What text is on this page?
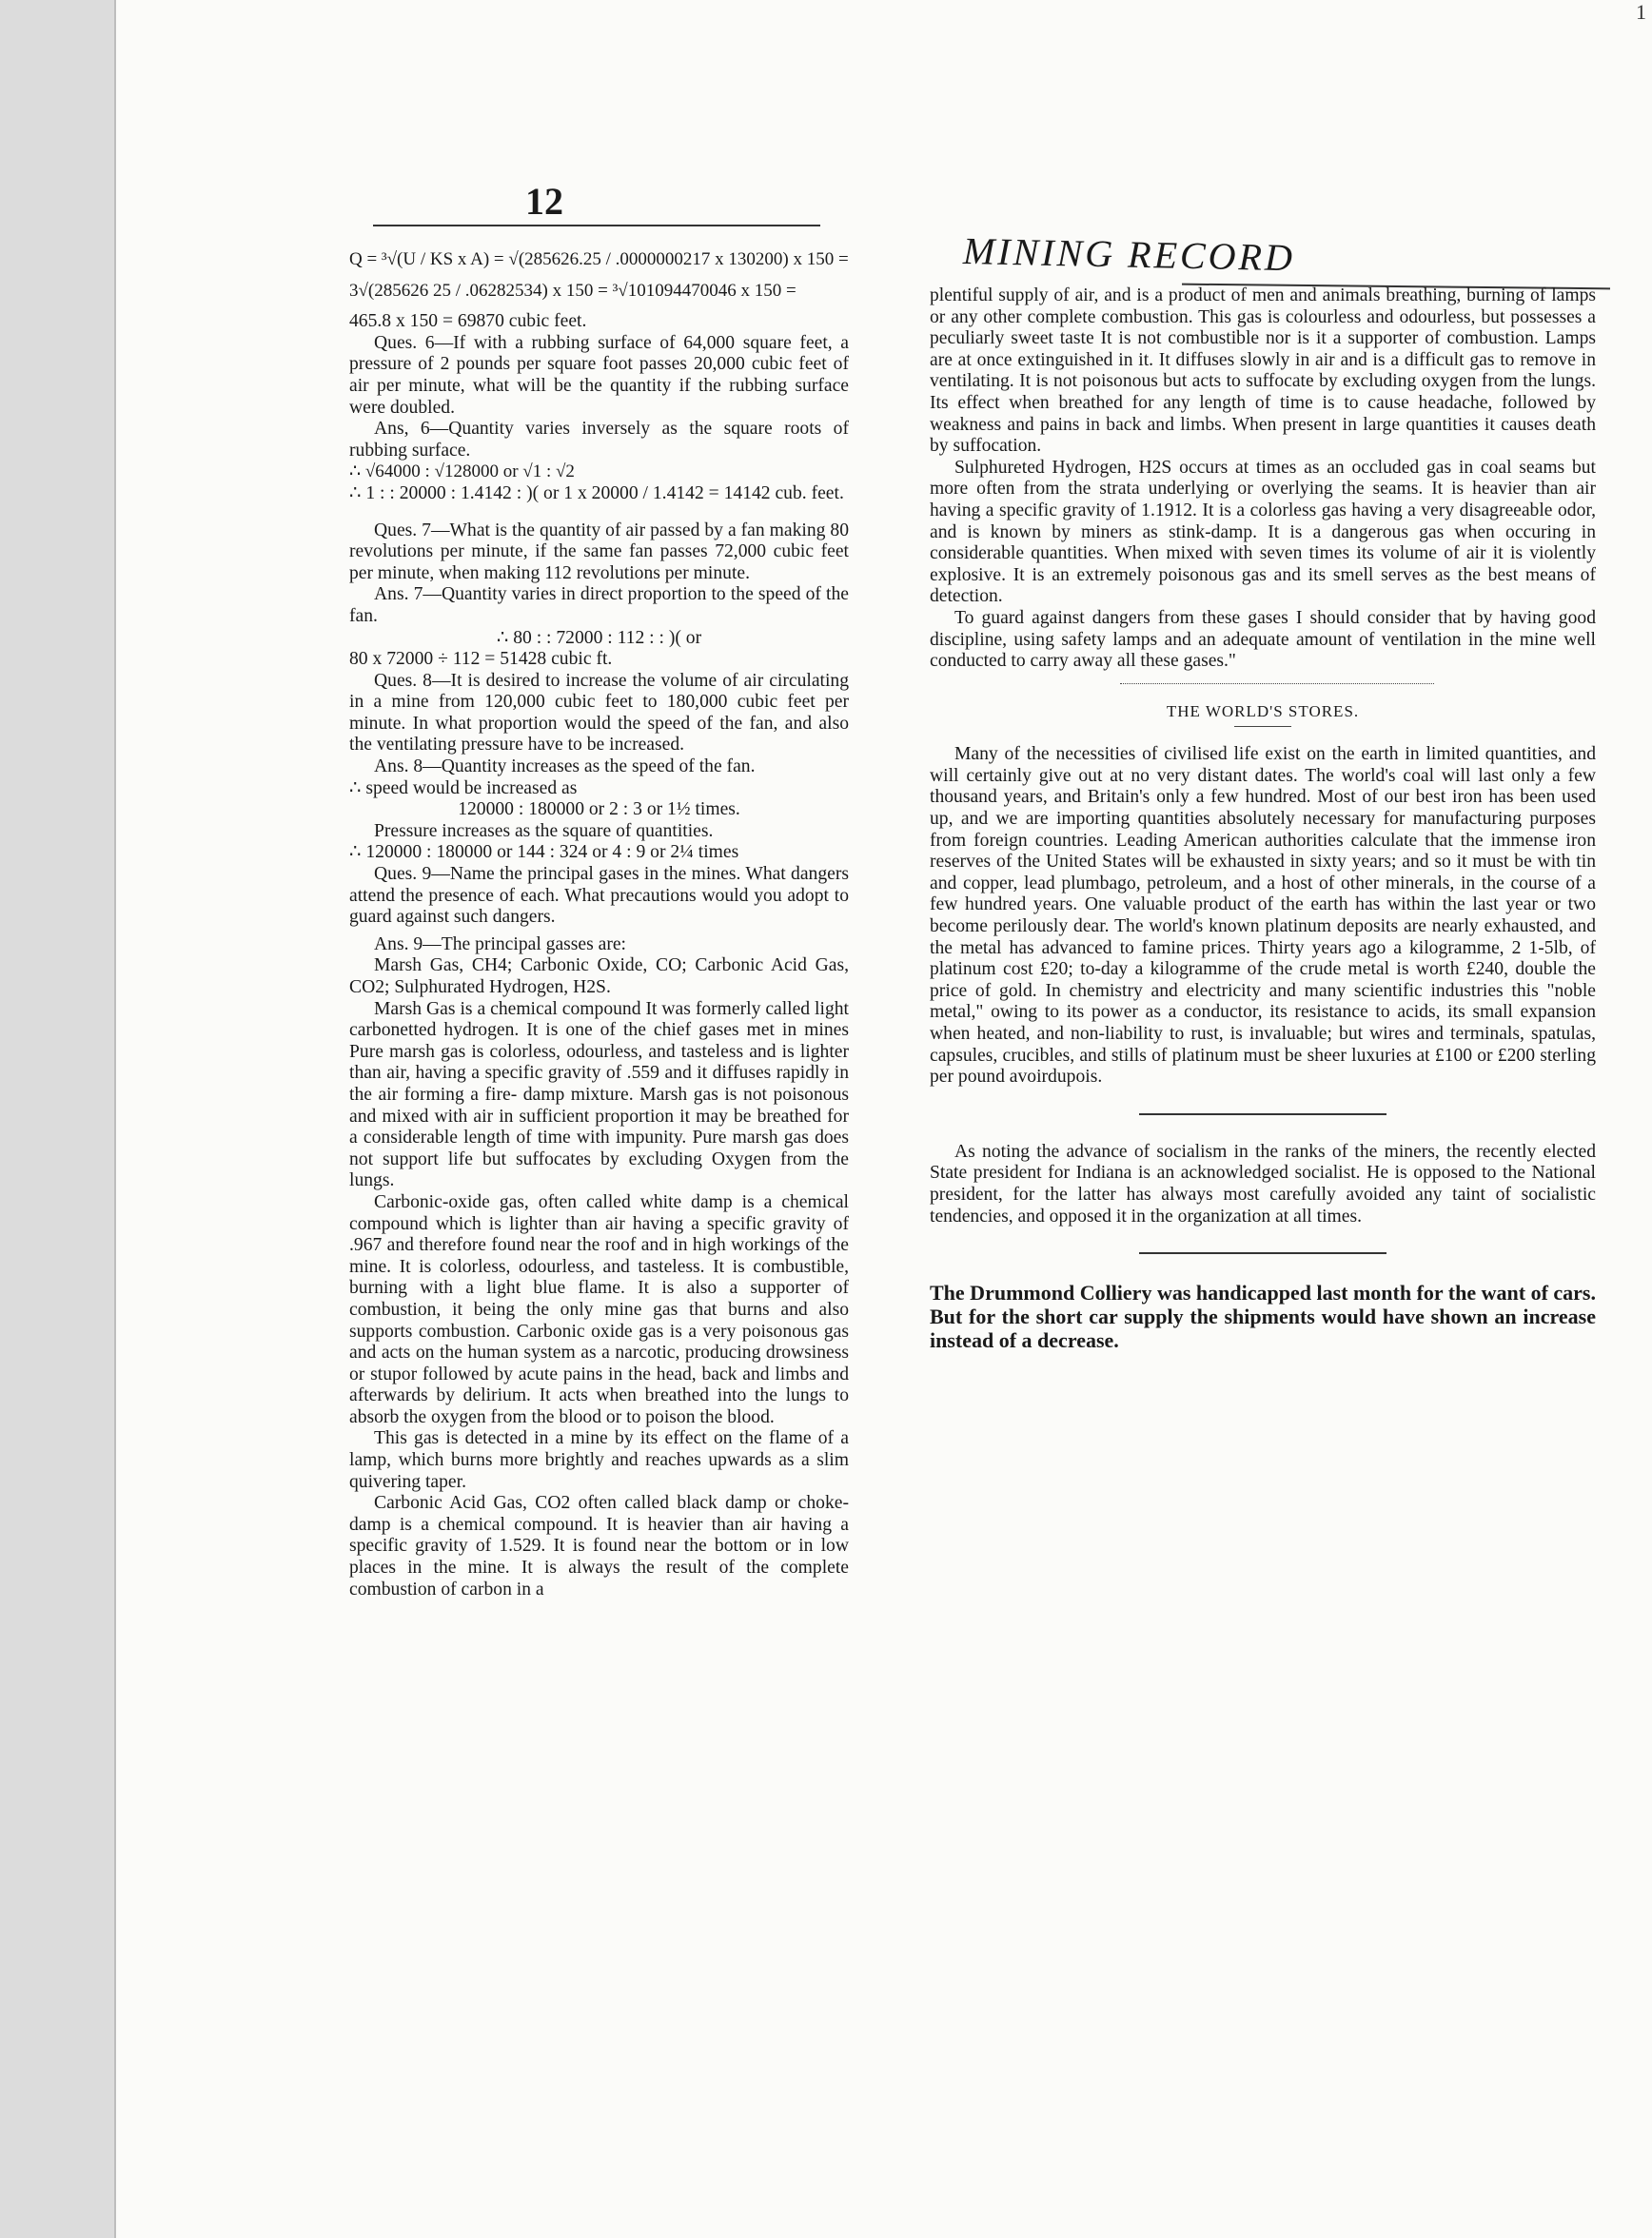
1
12
MINING RECORD

Q = ³√(U / KS x A) = √(285626.25 / .0000000217 x 130200) x 150 =

3√(285626 25 / .06282534) x 150 = ³√101094470046 x 150 =

465.8 x 150 = 69870 cubic feet.

Ques. 6—If with a rubbing surface of 64,000 square feet, a pressure of 2 pounds per square foot passes 20,000 cubic feet of air per minute, what will be the quantity if the rubbing surface were doubled.

Ans, 6—Quantity varies inversely as the square roots of rubbing surface.

∴ √64000 : √128000 or √1 : √2

∴ 1 : : 20000 : 1.4142 : )( or 1 x 20000 / 1.4142 = 14142 cub. feet.

Ques. 7—What is the quantity of air passed by a fan making 80 revolutions per minute, if the same fan passes 72,000 cubic feet per minute, when making 112 revolutions per minute.

Ans. 7—Quantity varies in direct proportion to the speed of the fan.

∴ 80 : : 72000 : 112 : : )( or

80 x 72000 ÷ 112 = 51428 cubic ft.

Ques. 8—It is desired to increase the volume of air circulating in a mine from 120,000 cubic feet to 180,000 cubic feet per minute. In what proportion would the speed of the fan, and also the ventilating pressure have to be increased.

Ans. 8—Quantity increases as the speed of the fan.

∴ speed would be increased as

120000 : 180000 or 2 : 3 or 1½ times.

Pressure increases as the square of quantities.

∴ 120000 : 180000 or 144 : 324 or 4 : 9 or 2¼ times

Ques. 9—Name the principal gases in the mines. What dangers attend the presence of each. What precautions would you adopt to guard against such dangers.

Ans. 9—The principal gasses are:

Marsh Gas, CH4; Carbonic Oxide, CO; Carbonic Acid Gas, CO2; Sulphurated Hydrogen, H2S.

Marsh Gas is a chemical compound It was formerly called light carbonetted hydrogen. It is one of the chief gases met in mines Pure marsh gas is colorless, odourless, and tasteless and is lighter than air, having a specific gravity of .559 and it diffuses rapidly in the air forming a fire- damp mixture. Marsh gas is not poisonous and mixed with air in sufficient proportion it may be breathed for a considerable length of time with impunity. Pure marsh gas does not support life but suffocates by excluding Oxygen from the lungs.

Carbonic-oxide gas, often called white damp is a chemical compound which is lighter than air having a specific gravity of .967 and therefore found near the roof and in high workings of the mine. It is colorless, odourless, and tasteless. It is combustible, burning with a light blue flame. It is also a supporter of combustion, it being the only mine gas that burns and also supports combustion. Carbonic oxide gas is a very poisonous gas and acts on the human system as a narcotic, producing drowsiness or stupor followed by acute pains in the head, back and limbs and afterwards by delirium. It acts when breathed into the lungs to absorb the oxygen from the blood or to poison the blood.

This gas is detected in a mine by its effect on the flame of a lamp, which burns more brightly and reaches upwards as a slim quivering taper.

Carbonic Acid Gas, CO2 often called black damp or choke-damp is a chemical compound. It is heavier than air having a specific gravity of 1.529. It is found near the bottom or in low places in the mine. It is always the result of the complete combustion of carbon in a

plentiful supply of air, and is a product of men and animals breathing, burning of lamps or any other complete combustion. This gas is colourless and odourless, but possesses a peculiarly sweet taste It is not combustible nor is it a supporter of combustion. Lamps are at once extinguished in it. It diffuses slowly in air and is a difficult gas to remove in ventilating. It is not poisonous but acts to suffocate by excluding oxygen from the lungs. Its effect when breathed for any length of time is to cause headache, followed by weakness and pains in back and limbs. When present in large quantities it causes death by suffocation.

Sulphureted Hydrogen, H2S occurs at times as an occluded gas in coal seams but more often from the strata underlying or overlying the seams. It is heavier than air having a specific gravity of 1.1912. It is a colorless gas having a very disagreeable odor, and is known by miners as stink-damp. It is a dangerous gas when occuring in considerable quantities. When mixed with seven times its volume of air it is violently explosive. It is an extremely poisonous gas and its smell serves as the best means of detection.

To guard against dangers from these gases I should consider that by having good discipline, using safety lamps and an adequate amount of ventilation in the mine well conducted to carry away all these gases."

THE WORLD'S STORES.

Many of the necessities of civilised life exist on the earth in limited quantities, and will certainly give out at no very distant dates. The world's coal will last only a few thousand years, and Britain's only a few hundred. Most of our best iron has been used up, and we are importing quantities absolutely necessary for manufacturing purposes from foreign countries. Leading American authorities calculate that the immense iron reserves of the United States will be exhausted in sixty years; and so it must be with tin and copper, lead plumbago, petroleum, and a host of other minerals, in the course of a few hundred years. One valuable product of the earth has within the last year or two become perilously dear. The world's known platinum deposits are nearly exhausted, and the metal has advanced to famine prices. Thirty years ago a kilogramme, 2 1-5lb, of platinum cost £20; to-day a kilogramme of the crude metal is worth £240, double the price of gold. In chemistry and electricity and many scientific industries this "noble metal," owing to its power as a conductor, its resistance to acids, its small expansion when heated, and non-liability to rust, is invaluable; but wires and terminals, spatulas, capsules, crucibles, and stills of platinum must be sheer luxuries at £100 or £200 sterling per pound avoirdupois.

As noting the advance of socialism in the ranks of the miners, the recently elected State president for Indiana is an acknowledged socialist. He is opposed to the National president, for the latter has always most carefully avoided any taint of socialistic tendencies, and opposed it in the organization at all times.

The Drummond Colliery was handicapped last month for the want of cars. But for the short car supply the shipments would have shown an increase instead of a decrease.
